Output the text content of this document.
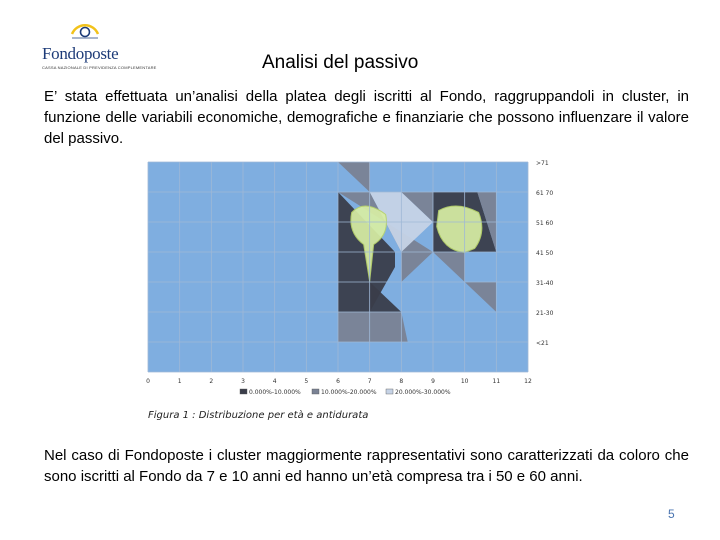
Fondoposte
CASSA NAZIONALE DI PREVIDENZA COMPLEMENTARE	Analisi del passivo

E’ stata effettuata un’analisi della platea degli iscritti al Fondo, raggruppandoli in cluster, in funzione delle variabili economiche, demografiche e finanziarie che possono influenzare il valore del passivo.

0	1	2	3	4	5	6	7	8	9	10	11	12
>71
61 70
51 60
41 50
31-40
21-30
<21
0.000%-10.000%	10.000%-20.000%	20.000%-30.000%
Figura 1 : Distribuzione per età e antidurata

Nel caso di Fondoposte i cluster maggiormente rappresentativi sono caratterizzati da coloro che sono iscritti al Fondo da 7 e 10 anni ed hanno un’età compresa tra i 50 e 60 anni.

5
